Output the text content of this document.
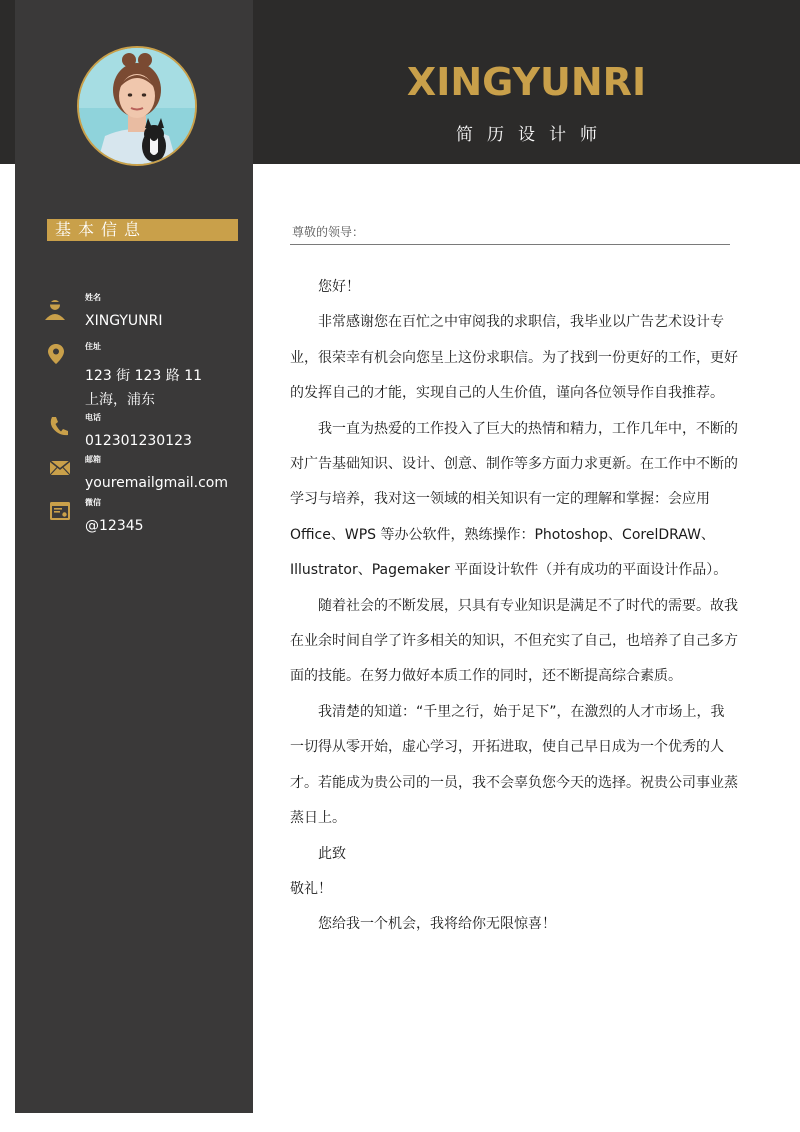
XINGYUNRI
简历设计师
基本信息
姓名
XINGYUNRI
住址
123 街 123 路 11
上海，浦东
电话
012301230123
邮箱
youremailgmail.com
微信
@12345
尊敬的领导：

您好！

非常感谢您在百忙之中审阅我的求职信，我毕业以广告艺术设计专业，很荣幸有机会向您呈上这份求职信。为了找到一份更好的工作，更好的发挥自己的才能，实现自己的人生价值，谨向各位领导作自我推荐。

我一直为热爱的工作投入了巨大的热情和精力，工作几年中，不断的对广告基础知识、设计、创意、制作等多方面力求更新。在工作中不断的学习与培养，我对这一领域的相关知识有一定的理解和掌握：会应用 Office、WPS 等办公软件，熟练操作：Photoshop、CorelDRAW、Illustrator、Pagemaker 平面设计软件（并有成功的平面设计作品）。

随着社会的不断发展，只具有专业知识是满足不了时代的需要。故我在业余时间自学了许多相关的知识，不但充实了自己，也培养了自己多方面的技能。在努力做好本质工作的同时，还不断提高综合素质。

我清楚的知道：“千里之行，始于足下”，在激烈的人才市场上，我一切得从零开始，虚心学习，开拓进取，使自己早日成为一个优秀的人才。若能成为贵公司的一员，我不会辜负您今天的选择。祝贵公司事业蒸蒸日上。

此致

敬礼！

您给我一个机会，我将给你无限惊喜！
